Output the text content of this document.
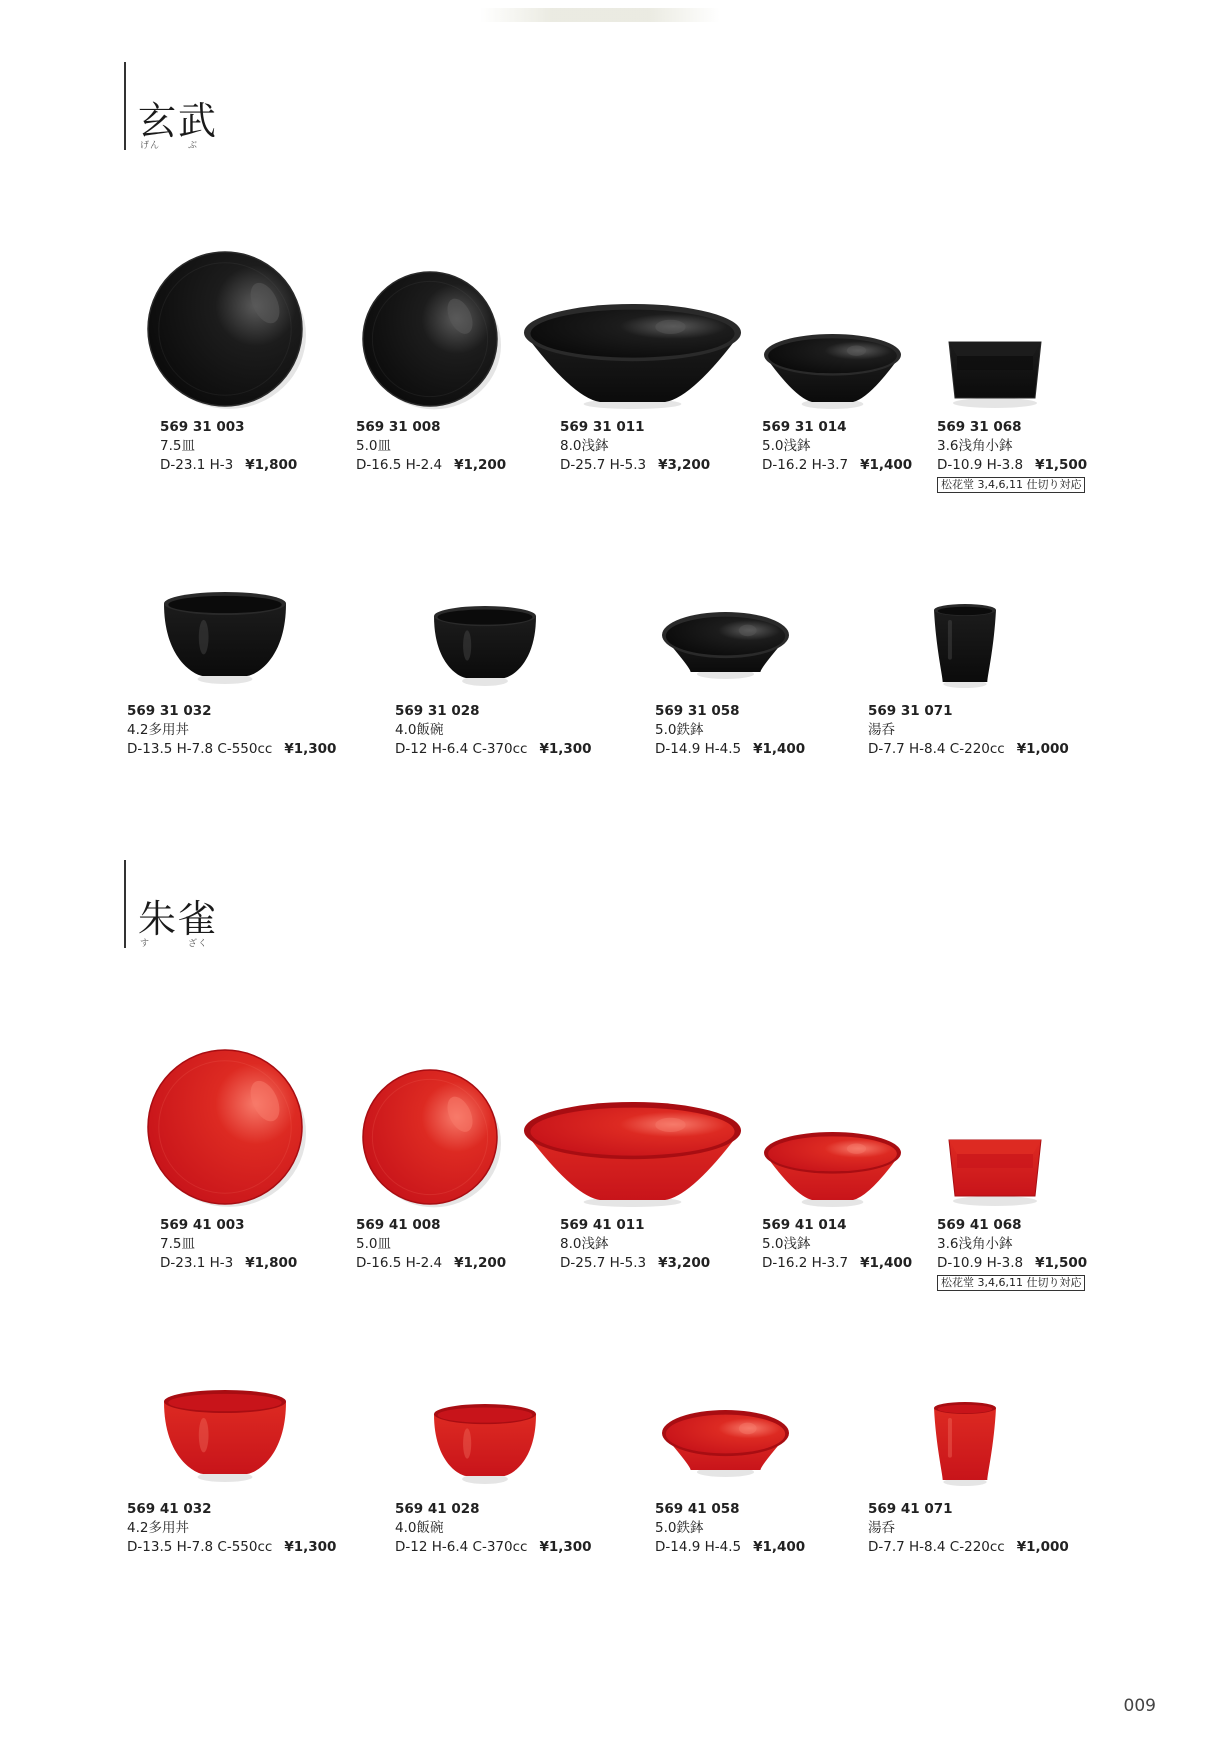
玄武
げん	ぶ
569 31 003
7.5皿
D-23.1 H-3 ¥1,800
569 31 008
5.0皿
D-16.5 H-2.4 ¥1,200
569 31 011
8.0浅鉢
D-25.7 H-5.3 ¥3,200
569 31 014
5.0浅鉢
D-16.2 H-3.7 ¥1,400
569 31 068
3.6浅角小鉢
D-10.9 H-3.8 ¥1,500
松花堂 3,4,6,11 仕切り対応
569 31 032
4.2多用丼
D-13.5 H-7.8 C-550cc ¥1,300
569 31 028
4.0飯碗
D-12 H-6.4 C-370cc ¥1,300
569 31 058
5.0鉄鉢
D-14.9 H-4.5 ¥1,400
569 31 071
湯呑
D-7.7 H-8.4 C-220cc ¥1,000
朱雀
す	ざく
569 41 003
7.5皿
D-23.1 H-3 ¥1,800
569 41 008
5.0皿
D-16.5 H-2.4 ¥1,200
569 41 011
8.0浅鉢
D-25.7 H-5.3 ¥3,200
569 41 014
5.0浅鉢
D-16.2 H-3.7 ¥1,400
569 41 068
3.6浅角小鉢
D-10.9 H-3.8 ¥1,500
松花堂 3,4,6,11 仕切り対応
569 41 032
4.2多用丼
D-13.5 H-7.8 C-550cc ¥1,300
569 41 028
4.0飯碗
D-12 H-6.4 C-370cc ¥1,300
569 41 058
5.0鉄鉢
D-14.9 H-4.5 ¥1,400
569 41 071
湯呑
D-7.7 H-8.4 C-220cc ¥1,000
009
